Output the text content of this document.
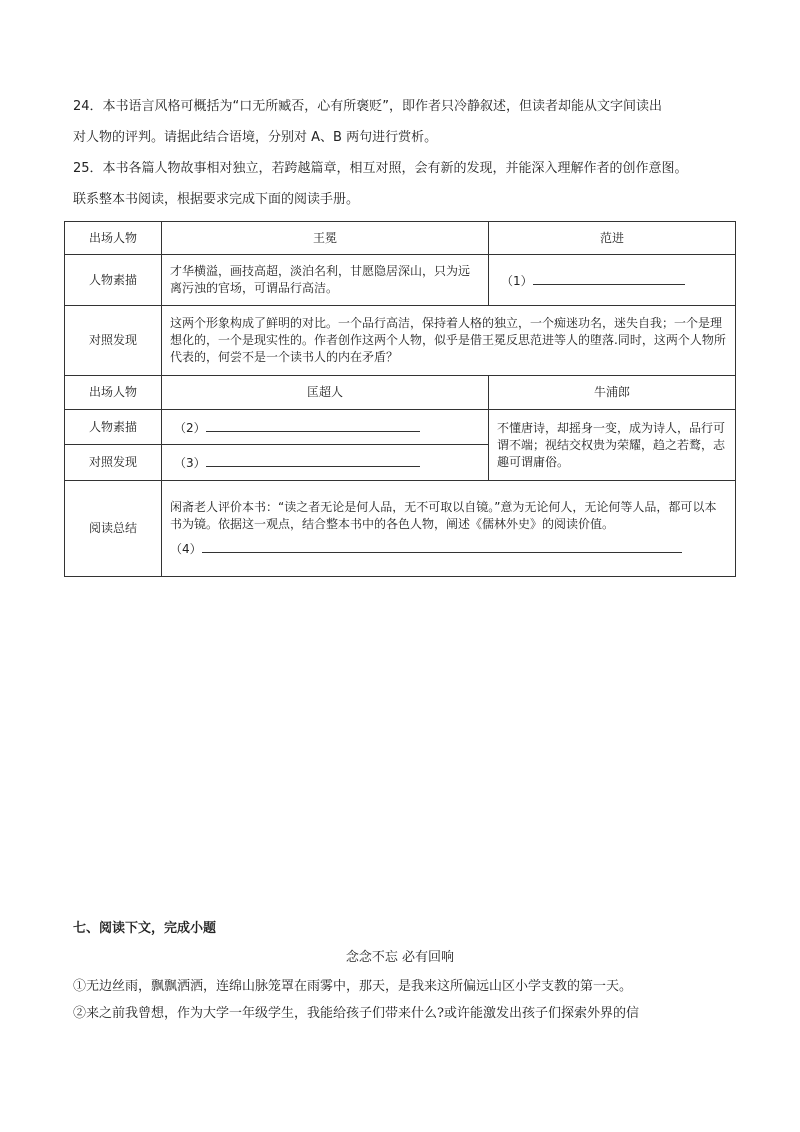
24．本书语言风格可概括为“口无所臧否，心有所褒贬”，即作者只冷静叙述，但读者却能从文字间读出
对人物的评判。请据此结合语境，分别对 A、B 两句进行赏析。
25．本书各篇人物故事相对独立，若跨越篇章，相互对照，会有新的发现，并能深入理解作者的创作意图。
联系整本书阅读，根据要求完成下面的阅读手册。
出场人物	王冕	范进
人物素描	才华横溢，画技高超，淡泊名利，甘愿隐居深山，只为远离污浊的官场，可谓品行高洁。	（1）

对照发现	这两个形象构成了鲜明的对比。一个品行高洁，保持着人格的独立，一个痴迷功名，迷失自我；一个是理想化的，一个是现实性的。作者创作这两个人物，似乎是借王冕反思范进等人的堕落.同时，这两个人物所代表的，何尝不是一个读书人的内在矛盾？	

出场人物	匡超人	牛浦郎
人物素描	（2）	不懂唐诗，却摇身一变，成为诗人，品行可谓不端；视结交权贵为荣耀，趋之若鹜，志趣可谓庸俗。

对照发现	（3）	

阅读总结	闲斋老人评价本书：“读之者无论是何人品，无不可取以自镜。”意为无论何人，无论何等人品，都可以本书为镜。依据这一观点，结合整本书中的各色人物，阐述《儒林外史》的阅读价值。
（4）	
七、阅读下文，完成小题
念念不忘 必有回响
①无边丝雨，飘飘洒洒，连绵山脉笼罩在雨雾中，那天，是我来这所偏远山区小学支教的第一天。
②来之前我曾想，作为大学一年级学生，我能给孩子们带来什么?或许能激发出孩子们探索外界的信
